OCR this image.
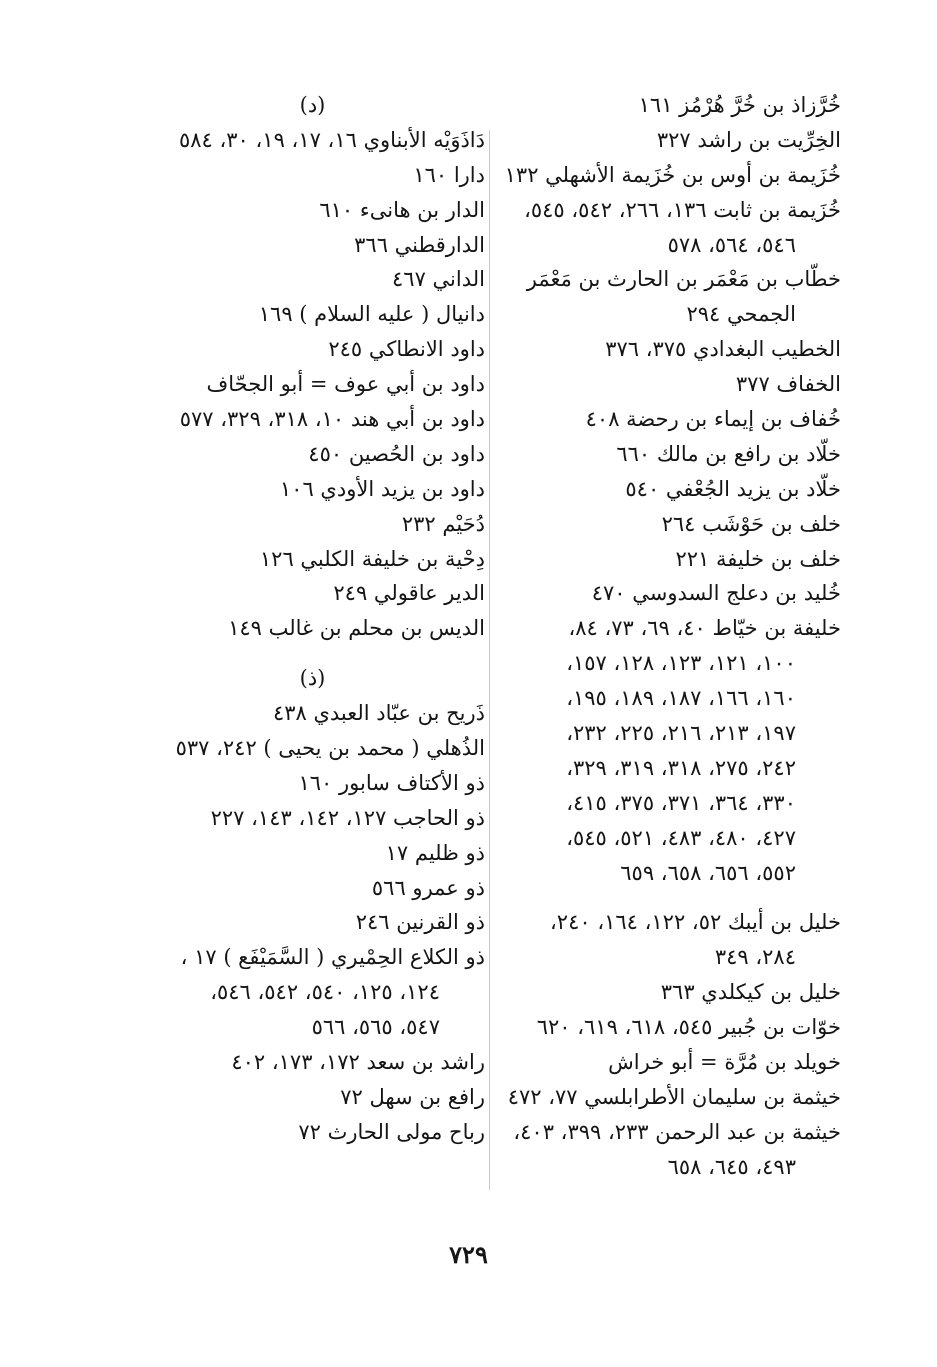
خُرَّزاذ بن خُرَّ هُرْمُز ١٦١
الخِرِّيت بن راشد ٣٢٧
خُزَيمة بن أوس بن خُزَيمة الأشهلي ١٣٢
خُزَيمة بن ثابت ١٣٦، ٢٦٦، ٥٤٢، ٥٤٥،
٥٤٦، ٥٦٤، ٥٧٨
خطّاب بن مَعْمَر بن الحارث بن مَعْمَر
الجمحي ٢٩٤
الخطيب البغدادي ٣٧٥، ٣٧٦
الخفاف ٣٧٧
خُفاف بن إيماء بن رحضة ٤٠٨
خلّاد بن رافع بن مالك ٦٦٠
خلّاد بن يزيد الجُعْفي ٥٤٠
خلف بن حَوْشَب ٢٦٤
خلف بن خليفة ٢٢١
خُليد بن دعلج السدوسي ٤٧٠
خليفة بن خيّاط ٤٠، ٦٩، ٧٣، ٨٤،
١٠٠، ١٢١، ١٢٣، ١٢٨، ١٥٧،
١٦٠، ١٦٦، ١٨٧، ١٨٩، ١٩٥،
١٩٧، ٢١٣، ٢١٦، ٢٢٥، ٢٣٢،
٢٤٢، ٢٧٥، ٣١٨، ٣١٩، ٣٢٩،
٣٣٠، ٣٦٤، ٣٧١، ٣٧٥، ٤١٥،
٤٢٧، ٤٨٠، ٤٨٣، ٥٢١، ٥٤٥،
٥٥٢، ٦٥٦، ٦٥٨، ٦٥٩
خليل بن أيبك ٥٢، ١٢٢، ١٦٤، ٢٤٠،
٢٨٤، ٣٤٩
خليل بن كيكلدي ٣٦٣
خوّات بن جُبير ٥٤٥، ٦١٨، ٦١٩، ٦٢٠
خويلد بن مُرَّة = أبو خراش
خيثمة بن سليمان الأطرابلسي ٧٧، ٤٧٢
خيثمة بن عبد الرحمن ٢٣٣، ٣٩٩، ٤٠٣،
٤٩٣، ٦٤٥، ٦٥٨
(د)
دَاذَوَيْه الأبناوي ١٦، ١٧، ١٩، ٣٠، ٥٨٤
دارا ١٦٠
الدار بن هانىء ٦١٠
الدارقطني ٣٦٦
الداني ٤٦٧
دانيال ( عليه السلام ) ١٦٩
داود الانطاكي ٢٤٥
داود بن أبي عوف = أبو الجحّاف
داود بن أبي هند ١٠، ٣١٨، ٣٢٩، ٥٧٧
داود بن الحُصين ٤٥٠
داود بن يزيد الأودي ١٠٦
دُحَيْم ٢٣٢
دِحْية بن خليفة الكلبي ١٢٦
الدير عاقولي ٢٤٩
الديس بن محلم بن غالب ١٤٩
(ذ)
ذَريح بن عبّاد العبدي ٤٣٨
الذُهلي ( محمد بن يحيى ) ٢٤٢، ٥٣٧
ذو الأكتاف سابور ١٦٠
ذو الحاجب ١٢٧، ١٤٢، ١٤٣، ٢٢٧
ذو ظليم ١٧
ذو عمرو ٥٦٦
ذو القرنين ٢٤٦
ذو الكلاع الحِمْيري ( السَّمَيْفَع ) ١٧ ،
١٢٤، ١٢٥، ٥٤٠، ٥٤٢، ٥٤٦،
٥٤٧، ٥٦٥، ٥٦٦
راشد بن سعد ١٧٢، ١٧٣، ٤٠٢
رافع بن سهل ٧٢
رباح مولى الحارث ٧٢
٧٢٩
